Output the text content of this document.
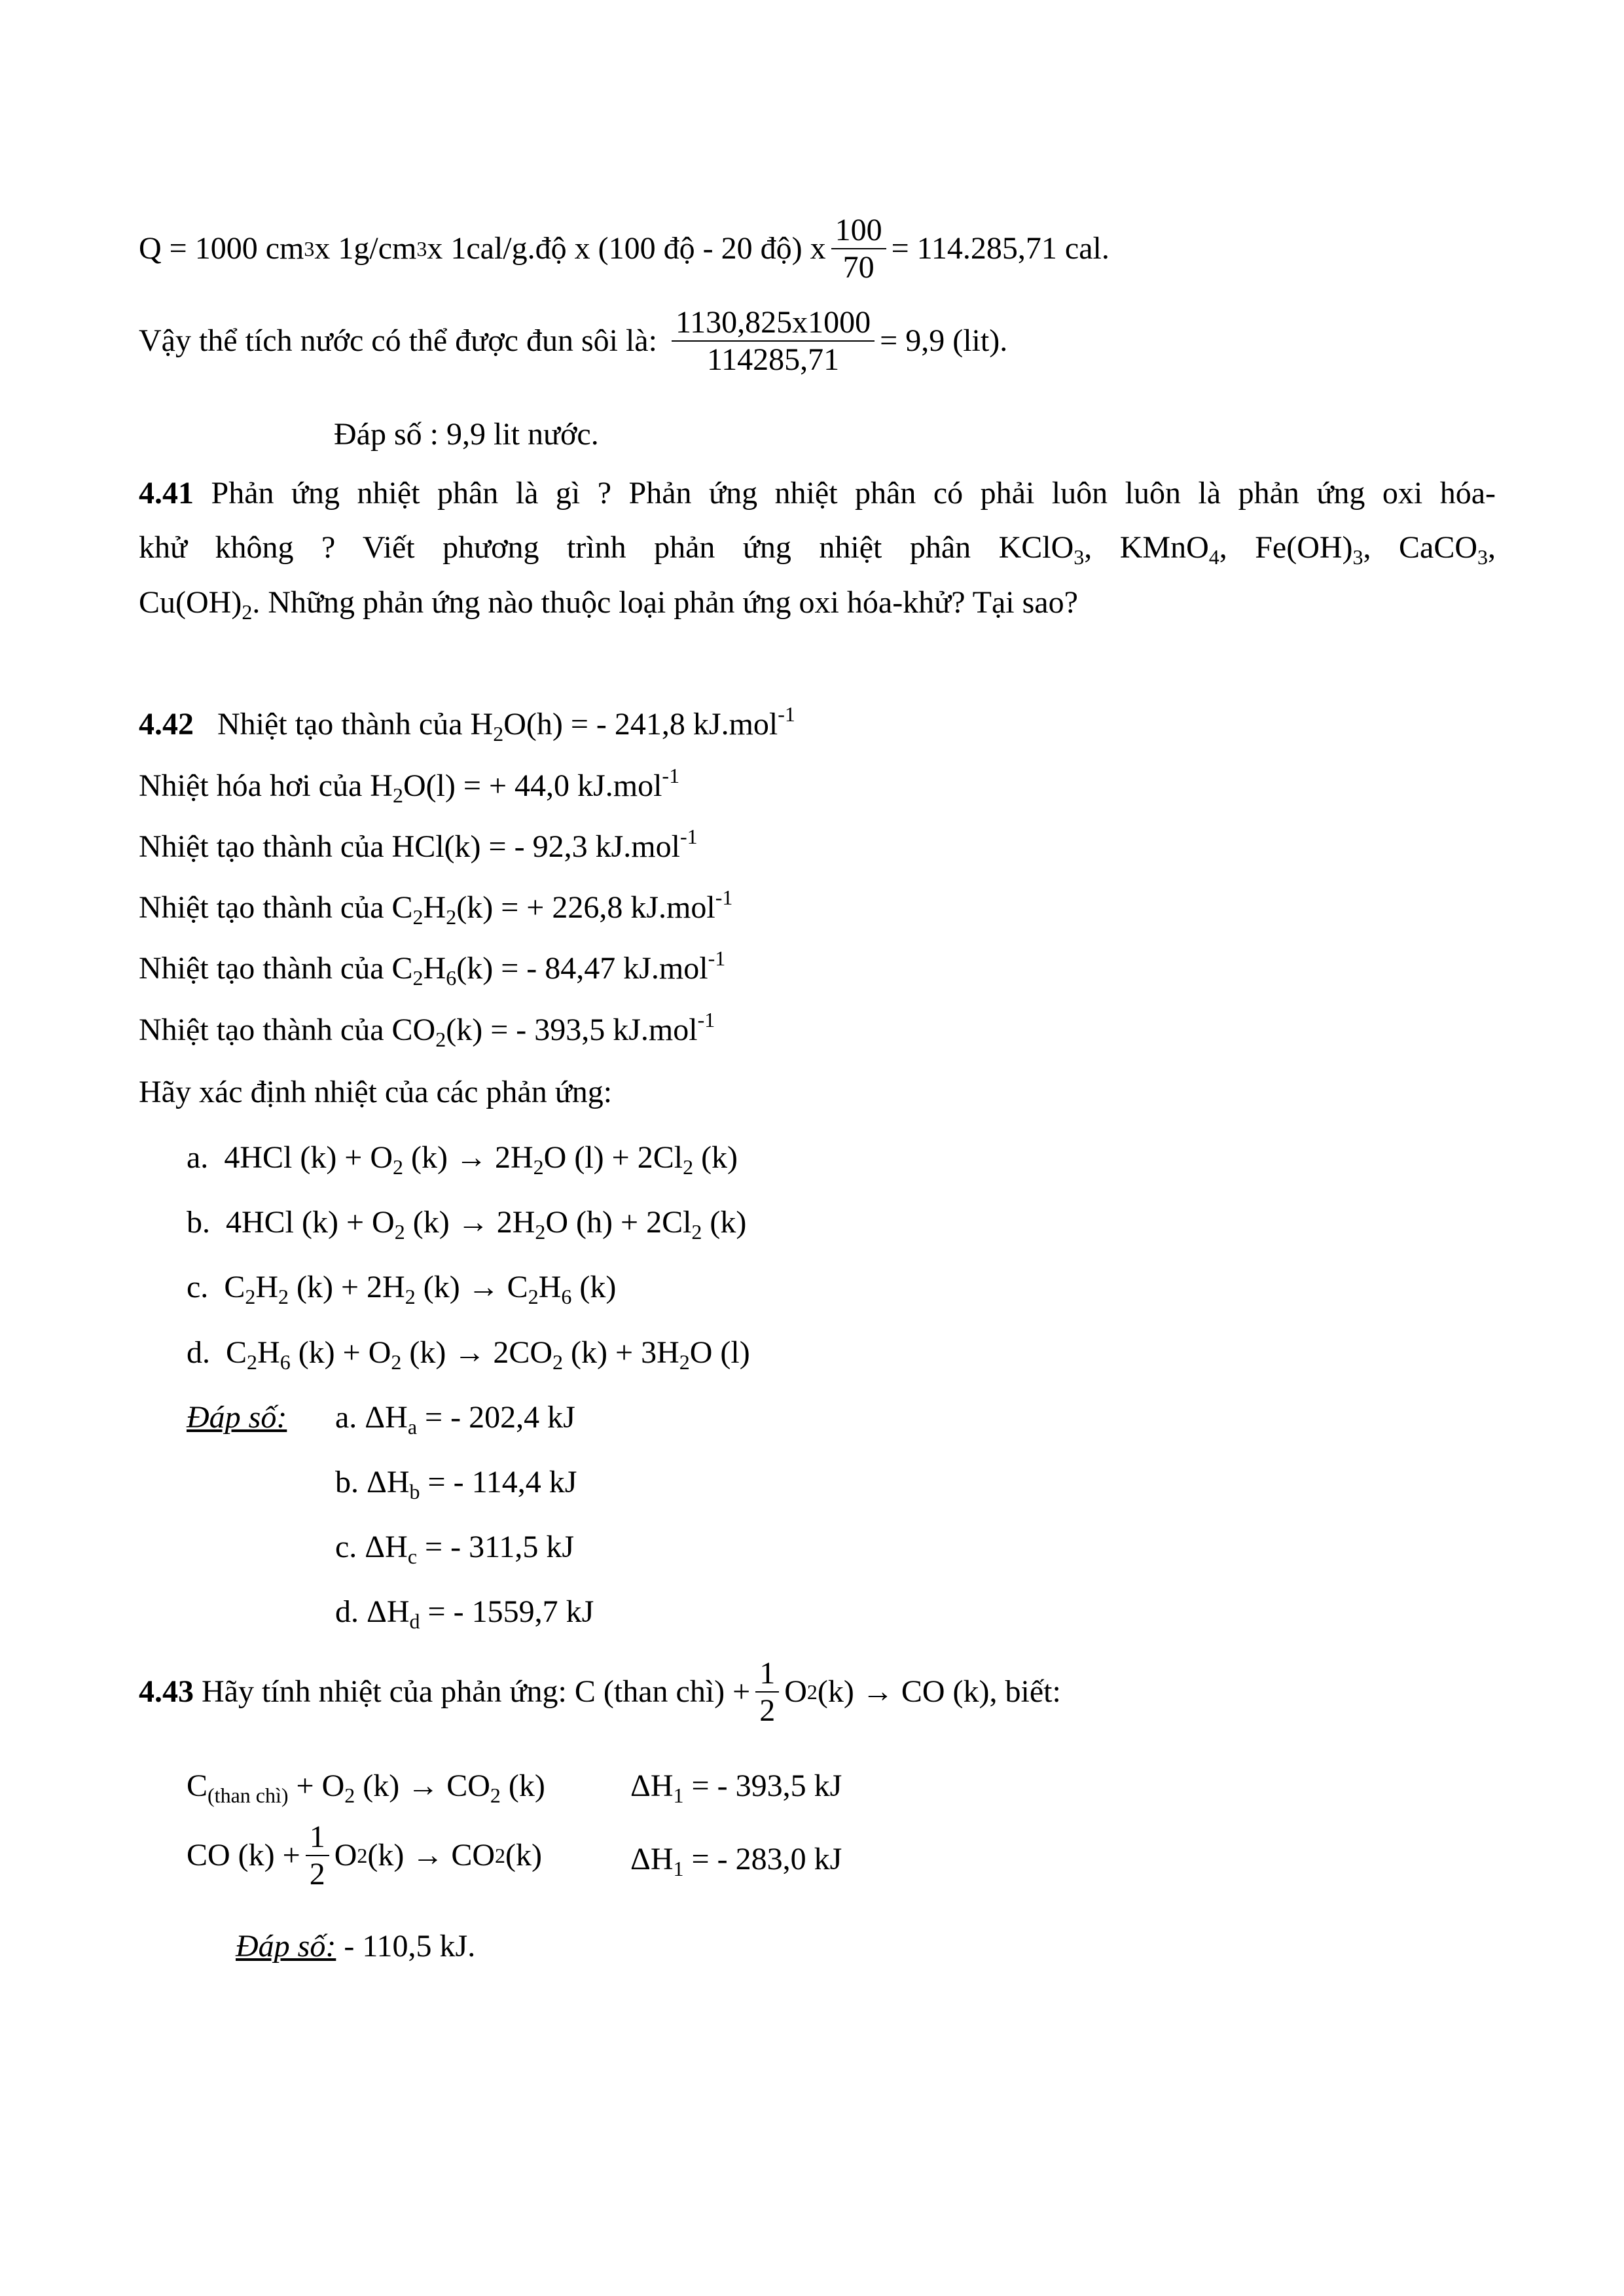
Q = 1000 cm 3 x 1g/cm 3 x 1cal/g.độ x (100 độ - 20 độ) x $\frac{100}{70} = 114.285,71$ cal.
Vậy thể tích nước có thể được đun sôi là: $\frac{1130,825x1000}{114285,71} = 9,9$ (lit).
Đáp số : 9,9 lit nước.
4.41 Phản ứng nhiệt phân là gì ? Phản ứng nhiệt phân có phải luôn luôn là phản ứng oxi hóa-
khử không ? Viết phương trình phản ứng nhiệt phân KClO$_3$, KMnO$_4$, $Fe(OH)_3$, CaCO$_3$,
$Cu(OH)_2$. Những phản ứng nào thuộc loại phản ứng oxi hóa-khử? Tại sao?
4.42 Nhiệt tạo thành của $H_2O(h)$ = - 241,8 kJ.mol$^{-1}$
Nhiệt hóa hơi của $H_2O(l)$ = + 44,0 kJ.mol$^{-1}$
Nhiệt tạo thành của HCl(k) = - 92,3 kJ.mol$^{-1}$
Nhiệt tạo thành của $C_2H_2(k)$ = + 226,8 kJ.mol$^{-1}$
Nhiệt tạo thành của $C_2H_6(k)$ = - 84,47 kJ.mol$^{-1}$
Nhiệt tạo thành của $CO_2(k)$ = - 393,5 kJ.mol$^{-1}$
Hãy xác định nhiệt của các phản ứng:
a.  4HCl $(k) + O_2$ $(k) \to 2H_2O$ $(l) + 2Cl_2$ (k)
b.  4HCl $(k) + O_2$ $(k) \to 2H_2O$ $(h) + 2Cl_2$ (k)
c.  $C_2H_2$ $(k) + 2H_2$ $(k) \to C_2H_6$ (k)
d.  $C_2H_6$ $(k) + O_2$ $(k) \to 2CO_2$ $(k) + 3H_2O$ (l)
Đáp số: a. $\Delta H_a$ = - 202,4 kJ
b. $\Delta H_b$ = - 114,4 kJ
c. $\Delta H_c$ = - 311,5 kJ
d. $\Delta H_d$ = - 1559,7 kJ
4.43
Hãy tính nhiệt của phản ứng: C (than chì) + $\frac{1}{2}$ O 2 (k) → CO (k), biết:
$C_{(than chì)} + O_2$ $(k) \to CO_2$ (k)	$\Delta H_1$ = - 393,5 kJ
CO $(k) + \frac{1}{2}$ O 2 (k) → CO 2 (k)	$\Delta H_1$ = - 283,0 kJ
Đáp số: - 110,5 kJ.
